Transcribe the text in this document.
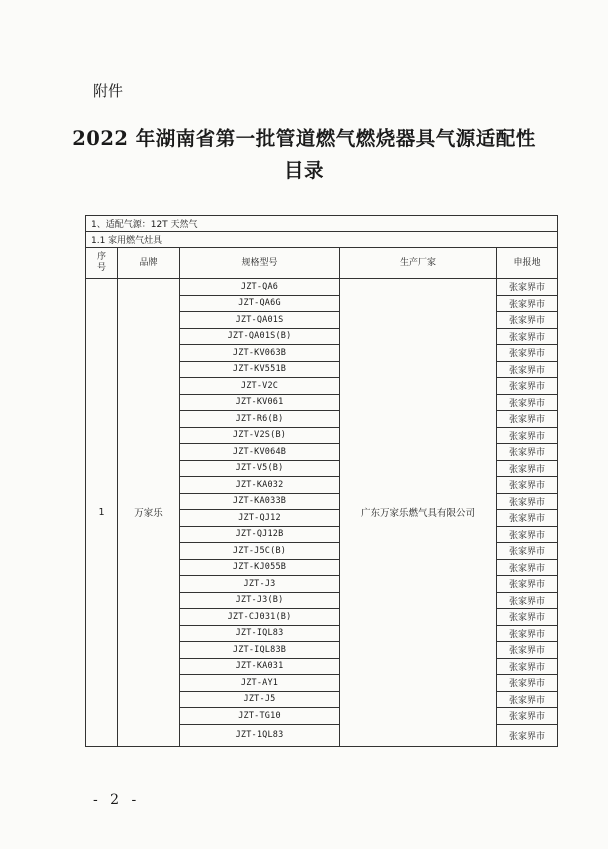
附件
2022 年湖南省第一批管道燃气燃烧器具气源适配性
目录
1、适配气源：12T 天然气				
1.1 家用燃气灶具				
序号	品牌	规格型号	生产厂家	申报地
1	万家乐	JZT-QA6	广东万家乐燃气具有限公司	张家界市
		JZT-QA6G		张家界市
		JZT-QA01S		张家界市
		JZT-QA01S(B)		张家界市
		JZT-KV063B		张家界市
		JZT-KV551B		张家界市
		JZT-V2C		张家界市
		JZT-KV061		张家界市
		JZT-R6(B)		张家界市
		JZT-V2S(B)		张家界市
		JZT-KV064B		张家界市
		JZT-V5(B)		张家界市
		JZT-KA032		张家界市
		JZT-KA033B		张家界市
		JZT-QJ12		张家界市
		JZT-QJ12B		张家界市
		JZT-J5C(B)		张家界市
		JZT-KJ055B		张家界市
		JZT-J3		张家界市
		JZT-J3(B)		张家界市
		JZT-CJ031(B)		张家界市
		JZT-IQL83		张家界市
		JZT-IQL83B		张家界市
		JZT-KA031		张家界市
		JZT-AY1		张家界市
		JZT-J5		张家界市
		JZT-TG10		张家界市
		JZT-1QL83		张家界市
- 2 -
